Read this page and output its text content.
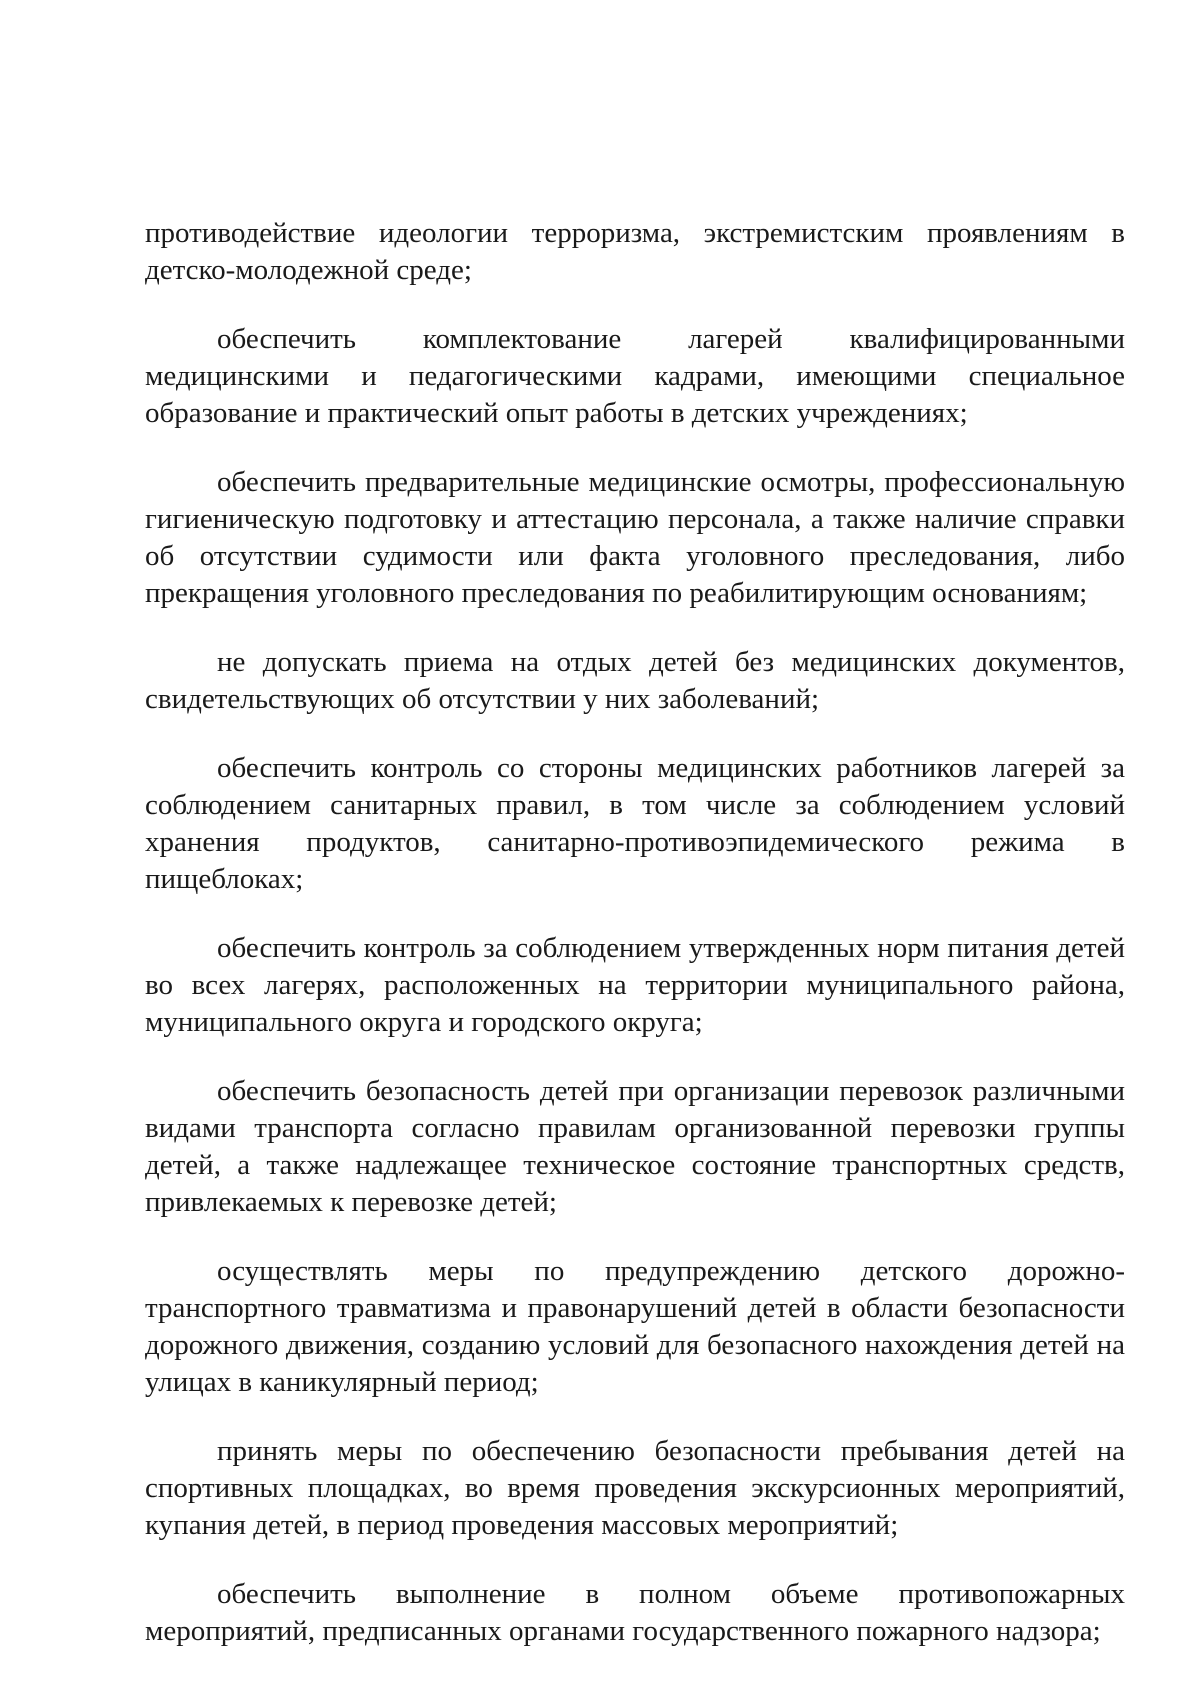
противодействие идеологии терроризма, экстремистским проявлениям в детско-молодежной среде;

обеспечить комплектование лагерей квалифицированными медицинскими и педагогическими кадрами, имеющими специальное образование и практический опыт работы в детских учреждениях;

обеспечить предварительные медицинские осмотры, профессиональную гигиеническую подготовку и аттестацию персонала, а также наличие справки об отсутствии судимости или факта уголовного преследования, либо прекращения уголовного преследования по реабилитирующим основаниям;

не допускать приема на отдых детей без медицинских документов, свидетельствующих об отсутствии у них заболеваний;

обеспечить контроль со стороны медицинских работников лагерей за соблюдением санитарных правил, в том числе за соблюдением условий хранения продуктов, санитарно-противоэпидемического режима в пищеблоках;

обеспечить контроль за соблюдением утвержденных норм питания детей во всех лагерях, расположенных на территории муниципального района, муниципального округа и городского округа;

обеспечить безопасность детей при организации перевозок различными видами транспорта согласно правилам организованной перевозки группы детей, а также надлежащее техническое состояние транспортных средств, привлекаемых к перевозке детей;

осуществлять меры по предупреждению детского дорожно-транспортного травматизма и правонарушений детей в области безопасности дорожного движения, созданию условий для безопасного нахождения детей на улицах в каникулярный период;

принять меры по обеспечению безопасности пребывания детей на спортивных площадках, во время проведения экскурсионных мероприятий, купания детей, в период проведения массовых мероприятий;

обеспечить выполнение в полном объеме противопожарных мероприятий, предписанных органами государственного пожарного надзора;
